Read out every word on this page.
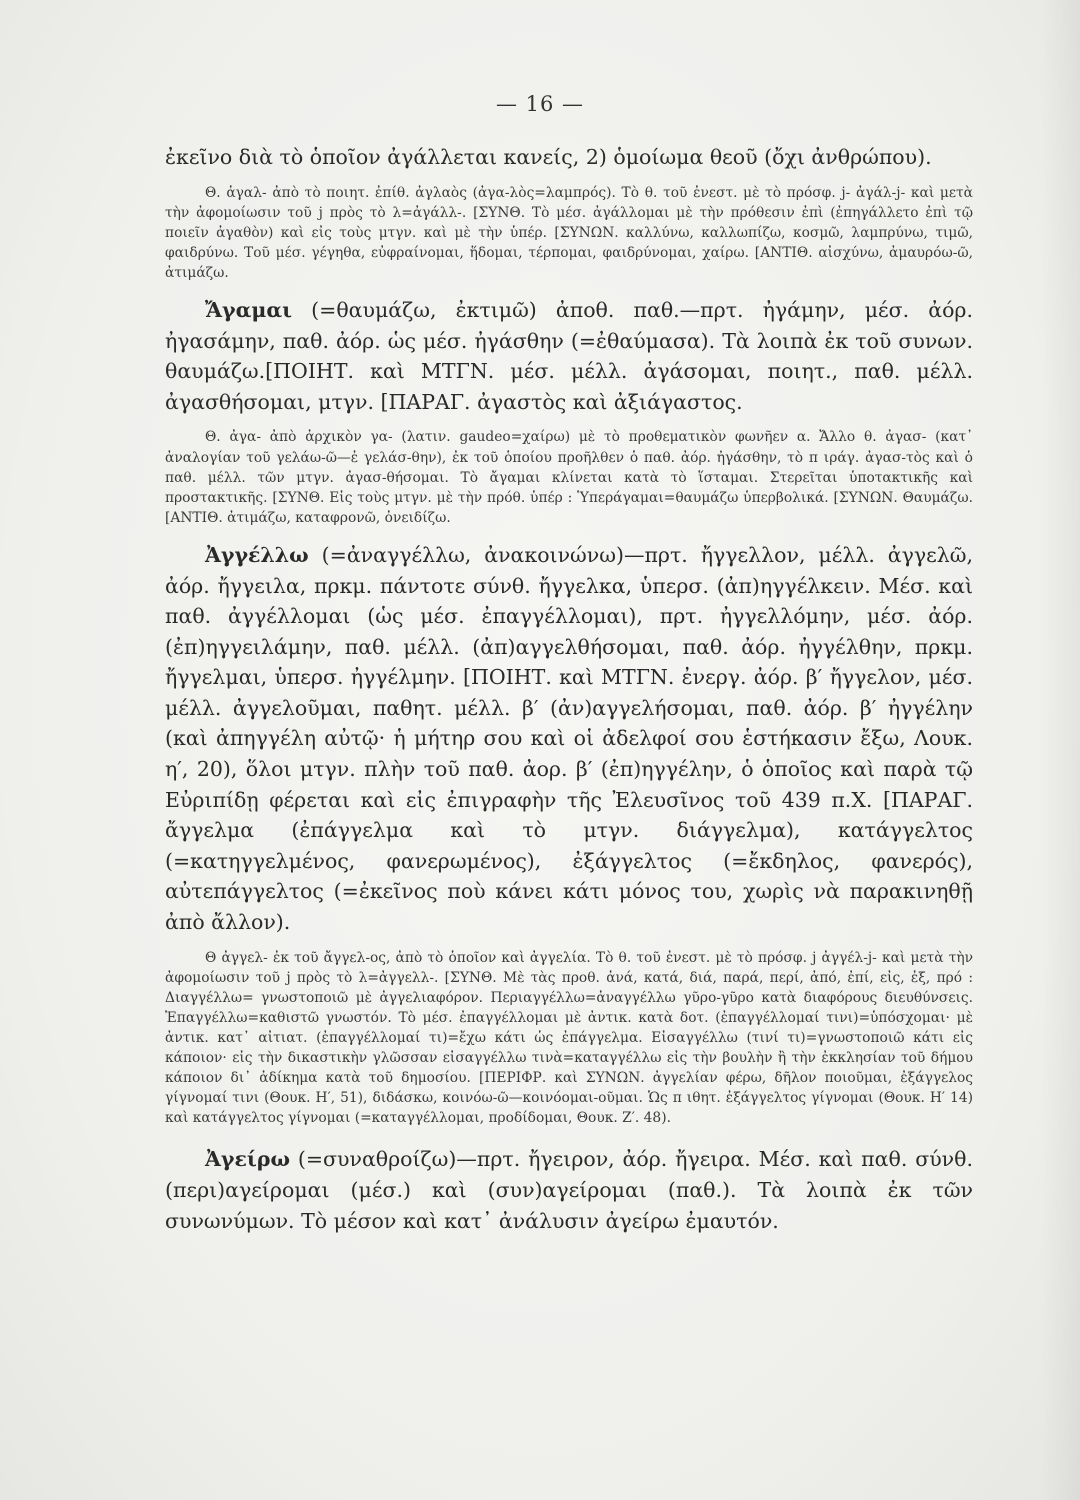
— 16 —

ἐκεῖνο διὰ τὸ ὁποῖον ἀγάλλεται κανείς, 2) ὁμοίωμα θεοῦ (ὄχι ἀνθρώπου).

Θ. ἀγαλ- ἀπὸ τὸ ποιητ. ἐπίθ. ἀγλαὸς (ἀγα-λὸς=λαμπρός). Τὸ θ. τοῦ ἐνεστ. μὲ τὸ πρόσφ. j- ἀγάλ-j- καὶ μετὰ τὴν ἀφομοίωσιν τοῦ j πρὸς τὸ λ=ἀγάλλ-. [ΣΥΝΘ. Τὸ μέσ. ἀγάλλομαι μὲ τὴν πρόθεσιν ἐπὶ (ἐπηγάλλετο ἐπὶ τῷ ποιεῖν ἀγαθὸν) καὶ εἰς τοὺς μτγν. καὶ μὲ τὴν ὑπέρ. [ΣΥΝΩΝ. καλλύνω, καλλωπίζω, κοσμῶ, λαμπρύνω, τιμῶ, φαιδρύνω. Τοῦ μέσ. γέγηθα, εὐφραίνομαι, ἥδομαι, τέρπομαι, φαιδρύνομαι, χαίρω. [ΑΝΤΙΘ. αἰσχύνω, ἀμαυρόω-ῶ, ἀτιμάζω.

Ἄγαμαι (=θαυμάζω, ἐκτιμῶ) ἀποθ. παθ.—πρτ. ἠγάμην, μέσ. ἀόρ. ἠγασάμην, παθ. ἀόρ. ὡς μέσ. ἠγάσθην (=ἐθαύμασα). Τὰ λοιπὰ ἐκ τοῦ συνων. θαυμάζω.[ΠΟΙΗΤ. καὶ ΜΤΓΝ. μέσ. μέλλ. ἀγάσομαι, ποιητ., παθ. μέλλ. ἀγασθήσομαι, μτγν. [ΠΑΡΑΓ. ἀγαστὸς καὶ ἀξιάγαστος.

Θ. ἀγα- ἀπὸ ἀρχικὸν γα- (λατιν. gaudeo=χαίρω) μὲ τὸ προθεματικὸν φωνῆεν α. Ἄλλο θ. ἀγασ- (κατ᾿ ἀναλογίαν τοῦ γελάω-ῶ—ἐ γελάσ-θην), ἐκ τοῦ ὁποίου προῆλθεν ὁ παθ. ἀόρ. ἠγάσθην, τὸ π ιράγ. ἀγασ-τὸς καὶ ὁ παθ. μέλλ. τῶν μτγν. ἀγασ-θήσομαι. Τὸ ἄγαμαι κλίνεται κατὰ τὸ ἵσταμαι. Στερεῖται ὑποτακτικῆς καὶ προστακτικῆς. [ΣΥΝΘ. Εἰς τοὺς μτγν. μὲ τὴν πρόθ. ὑπέρ : Ὑπεράγαμαι=θαυμάζω ὑπερβολικά. [ΣΥΝΩΝ. Θαυμάζω. [ΑΝΤΙΘ. ἀτιμάζω, καταφρονῶ, ὀνειδίζω.

Ἀγγέλλω (=ἀναγγέλλω, ἀνακοινώνω)—πρτ. ἤγγελλον, μέλλ. ἀγγελῶ, ἀόρ. ἤγγειλα, πρκμ. πάντοτε σύνθ. ἤγγελκα, ὑπερσ. (ἀπ)ηγγέλκειν. Μέσ. καὶ παθ. ἀγγέλλομαι (ὡς μέσ. ἐπαγγέλλομαι), πρτ. ἠγγελλόμην, μέσ. ἀόρ. (ἐπ)ηγγειλάμην, παθ. μέλλ. (ἀπ)αγγελθήσομαι, παθ. ἀόρ. ἠγγέλθην, πρκμ. ἤγγελμαι, ὑπερσ. ἠγγέλμην. [ΠΟΙΗΤ. καὶ ΜΤΓΝ. ἐνεργ. ἀόρ. β′ ἤγγελον, μέσ. μέλλ. ἀγγελοῦμαι, παθητ. μέλλ. β′ (ἀν)αγγελήσομαι, παθ. ἀόρ. β′ ἠγγέλην (καὶ ἀπηγγέλη αὐτῷ· ἡ μήτηρ σου καὶ οἱ ἀδελφοί σου ἑστήκασιν ἔξω, Λουκ. η′, 20), ὅλοι μτγν. πλὴν τοῦ παθ. ἀορ. β′ (ἐπ)ηγγέλην, ὁ ὁποῖος καὶ παρὰ τῷ Εὐριπίδῃ φέρεται καὶ εἰς ἐπιγραφὴν τῆς Ἐλευσῖνος τοῦ 439 π.Χ. [ΠΑΡΑΓ. ἄγγελμα (ἐπάγγελμα καὶ τὸ μτγν. διάγγελμα), κατάγγελτος (=κατηγγελμένος, φανερωμένος), ἐξάγγελτος (=ἔκδηλος, φανερός), αὐτεπάγγελτος (=ἐκεῖνος ποὺ κάνει κάτι μόνος του, χωρὶς νὰ παρακινηθῇ ἀπὸ ἄλλον).

Θ ἀγγελ- ἐκ τοῦ ἄγγελ-ος, ἀπὸ τὸ ὁποῖον καὶ ἀγγελία. Τὸ θ. τοῦ ἐνεστ. μὲ τὸ πρόσφ. j ἀγγέλ-j- καὶ μετὰ τὴν ἀφομοίωσιν τοῦ j πρὸς τὸ λ=ἀγγελλ-. [ΣΥΝΘ. Μὲ τὰς προθ. ἀνά, κατά, διά, παρά, περί, ἀπό, ἐπί, εἰς, ἐξ, πρό : Διαγγέλλω= γνωστοποιῶ μὲ ἀγγελιαφόρον. Περιαγγέλλω=ἀναγγέλλω γῦρο-γῦρο κατὰ διαφόρους διευθύνσεις. Ἐπαγγέλλω=καθιστῶ γνωστόν. Τὸ μέσ. ἐπαγγέλλομαι μὲ ἀντικ. κατὰ δοτ. (ἐπαγγέλλομαί τινι)=ὑπόσχομαι· μὲ ἀντικ. κατ᾿ αἰτιατ. (ἐπαγγέλλομαί τι)=ἔχω κάτι ὡς ἐπάγγελμα. Εἰσαγγέλλω (τινί τι)=γνωστοποιῶ κάτι εἰς κάποιον· εἰς τὴν δικαστικὴν γλῶσσαν εἰσαγγέλλω τινὰ=καταγγέλλω εἰς τὴν βουλὴν ἢ τὴν ἐκκλησίαν τοῦ δήμου κάποιον δι᾿ ἀδίκημα κατὰ τοῦ δημοσίου. [ΠΕΡΙΦΡ. καὶ ΣΥΝΩΝ. ἀγγελίαν φέρω, δῆλον ποιοῦμαι, ἐξάγγελος γίγνομαί τινι (Θουκ. Η′, 51), διδάσκω, κοινόω-ῶ—κοινόομαι-οῦμαι. Ὡς π ιθητ. ἐξάγγελτος γίγνομαι (Θουκ. Η′ 14) καὶ κατάγγελτος γίγνομαι (=καταγγέλλομαι, προδίδομαι, Θουκ. Ζ′. 48).

Ἀγείρω (=συναθροίζω)—πρτ. ἤγειρον, ἀόρ. ἤγειρα. Μέσ. καὶ παθ. σύνθ. (περι)αγείρομαι (μέσ.) καὶ (συν)αγείρομαι (παθ.). Τὰ λοιπὰ ἐκ τῶν συνωνύμων. Τὸ μέσον καὶ κατ᾿ ἀνάλυσιν ἀγείρω ἐμαυτόν.
